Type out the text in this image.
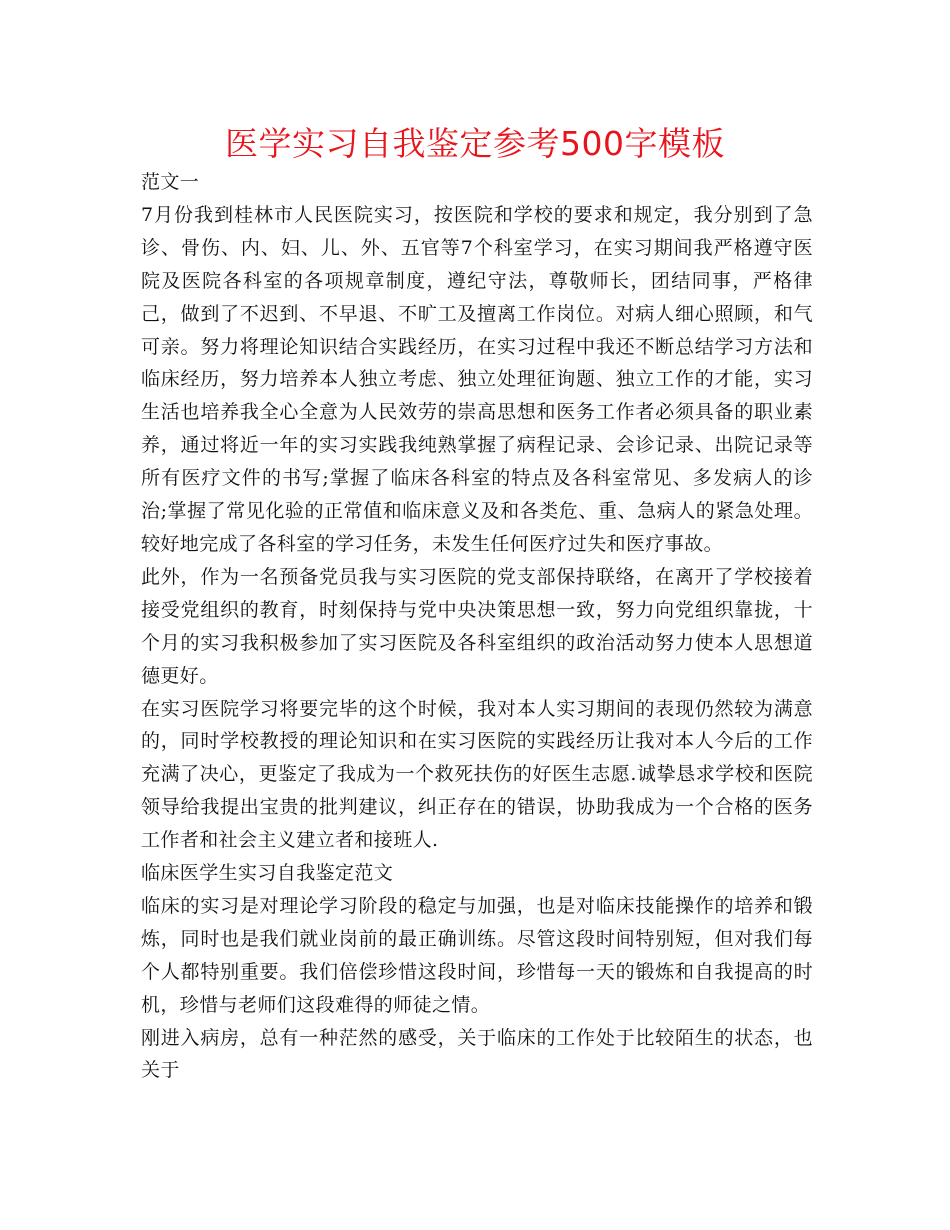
医学实习自我鉴定参考500字模板

范文一

7月份我到桂林市人民医院实习，按医院和学校的要求和规定，我分别到了急诊、骨伤、内、妇、儿、外、五官等7个科室学习，在实习期间我严格遵守医院及医院各科室的各项规章制度，遵纪守法，尊敬师长，团结同事，严格律己，做到了不迟到、不早退、不旷工及擅离工作岗位。对病人细心照顾，和气可亲。努力将理论知识结合实践经历，在实习过程中我还不断总结学习方法和临床经历，努力培养本人独立考虑、独立处理征询题、独立工作的才能，实习生活也培养我全心全意为人民效劳的崇高思想和医务工作者必须具备的职业素养，通过将近一年的实习实践我纯熟掌握了病程记录、会诊记录、出院记录等所有医疗文件的书写;掌握了临床各科室的特点及各科室常见、多发病人的诊治;掌握了常见化验的正常值和临床意义及和各类危、重、急病人的紧急处理。较好地完成了各科室的学习任务，未发生任何医疗过失和医疗事故。

此外，作为一名预备党员我与实习医院的党支部保持联络，在离开了学校接着接受党组织的教育，时刻保持与党中央决策思想一致，努力向党组织靠拢，十个月的实习我积极参加了实习医院及各科室组织的政治活动努力使本人思想道德更好。

在实习医院学习将要完毕的这个时候，我对本人实习期间的表现仍然较为满意的，同时学校教授的理论知识和在实习医院的实践经历让我对本人今后的工作充满了决心，更鉴定了我成为一个救死扶伤的好医生志愿.诚挚恳求学校和医院领导给我提出宝贵的批判建议，纠正存在的错误，协助我成为一个合格的医务工作者和社会主义建立者和接班人.

临床医学生实习自我鉴定范文

临床的实习是对理论学习阶段的稳定与加强，也是对临床技能操作的培养和锻炼，同时也是我们就业岗前的最正确训练。尽管这段时间特别短，但对我们每个人都特别重要。我们倍偿珍惜这段时间，珍惜每一天的锻炼和自我提高的时机，珍惜与老师们这段难得的师徒之情。

刚进入病房，总有一种茫然的感受，关于临床的工作处于比较陌生的状态，也关于
